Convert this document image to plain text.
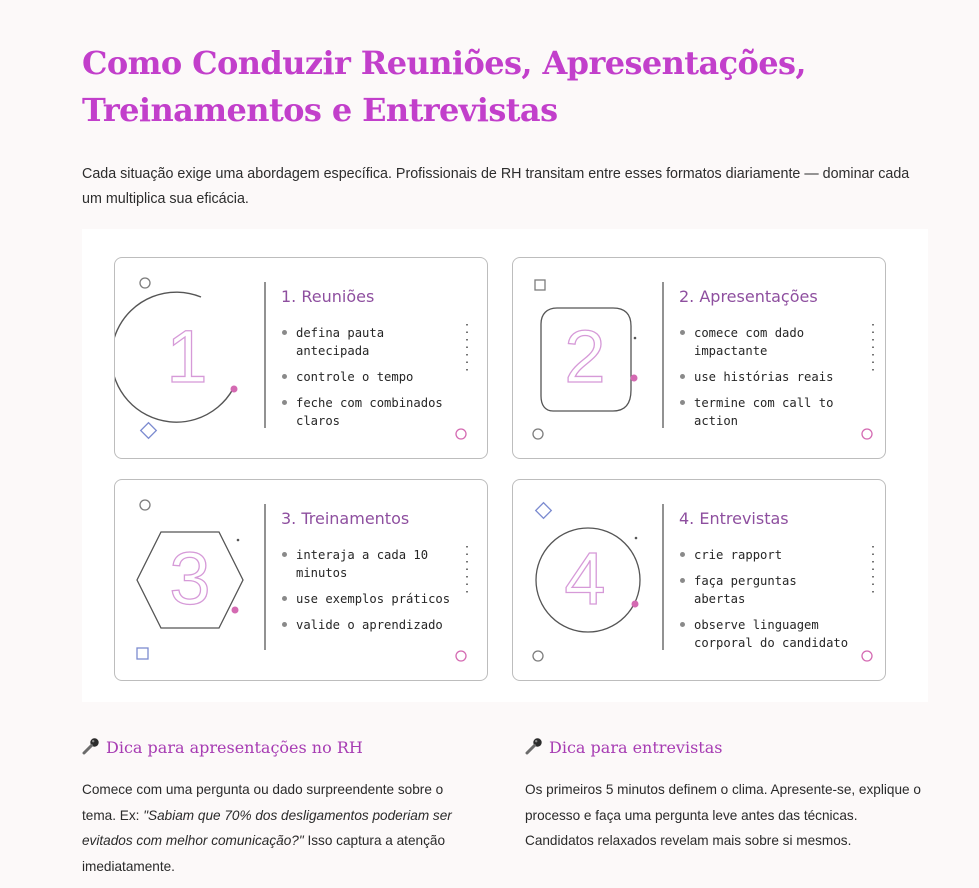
Como Conduzir Reuniões, Apresentações, Treinamentos e Entrevistas

Cada situação exige uma abordagem específica. Profissionais de RH transitam entre esses formatos diariamente — dominar cada um multiplica sua eficácia.

1
1. Reuniões
defina pauta antecipada
controle o tempo
feche com combinados claros
2
2. Apresentações
comece com dado impactante
use histórias reais
termine com call to action
3
3. Treinamentos
interaja a cada 10 minutos
use exemplos práticos
valide o aprendizado
4
4. Entrevistas
crie rapport
faça perguntas abertas
observe linguagem corporal do candidato
Dica para apresentações no RH
Comece com uma pergunta ou dado surpreendente sobre o tema. Ex: "Sabiam que 70% dos desligamentos poderiam ser evitados com melhor comunicação?" Isso captura a atenção imediatamente.
Dica para entrevistas
Os primeiros 5 minutos definem o clima. Apresente-se, explique o processo e faça uma pergunta leve antes das técnicas. Candidatos relaxados revelam mais sobre si mesmos.
